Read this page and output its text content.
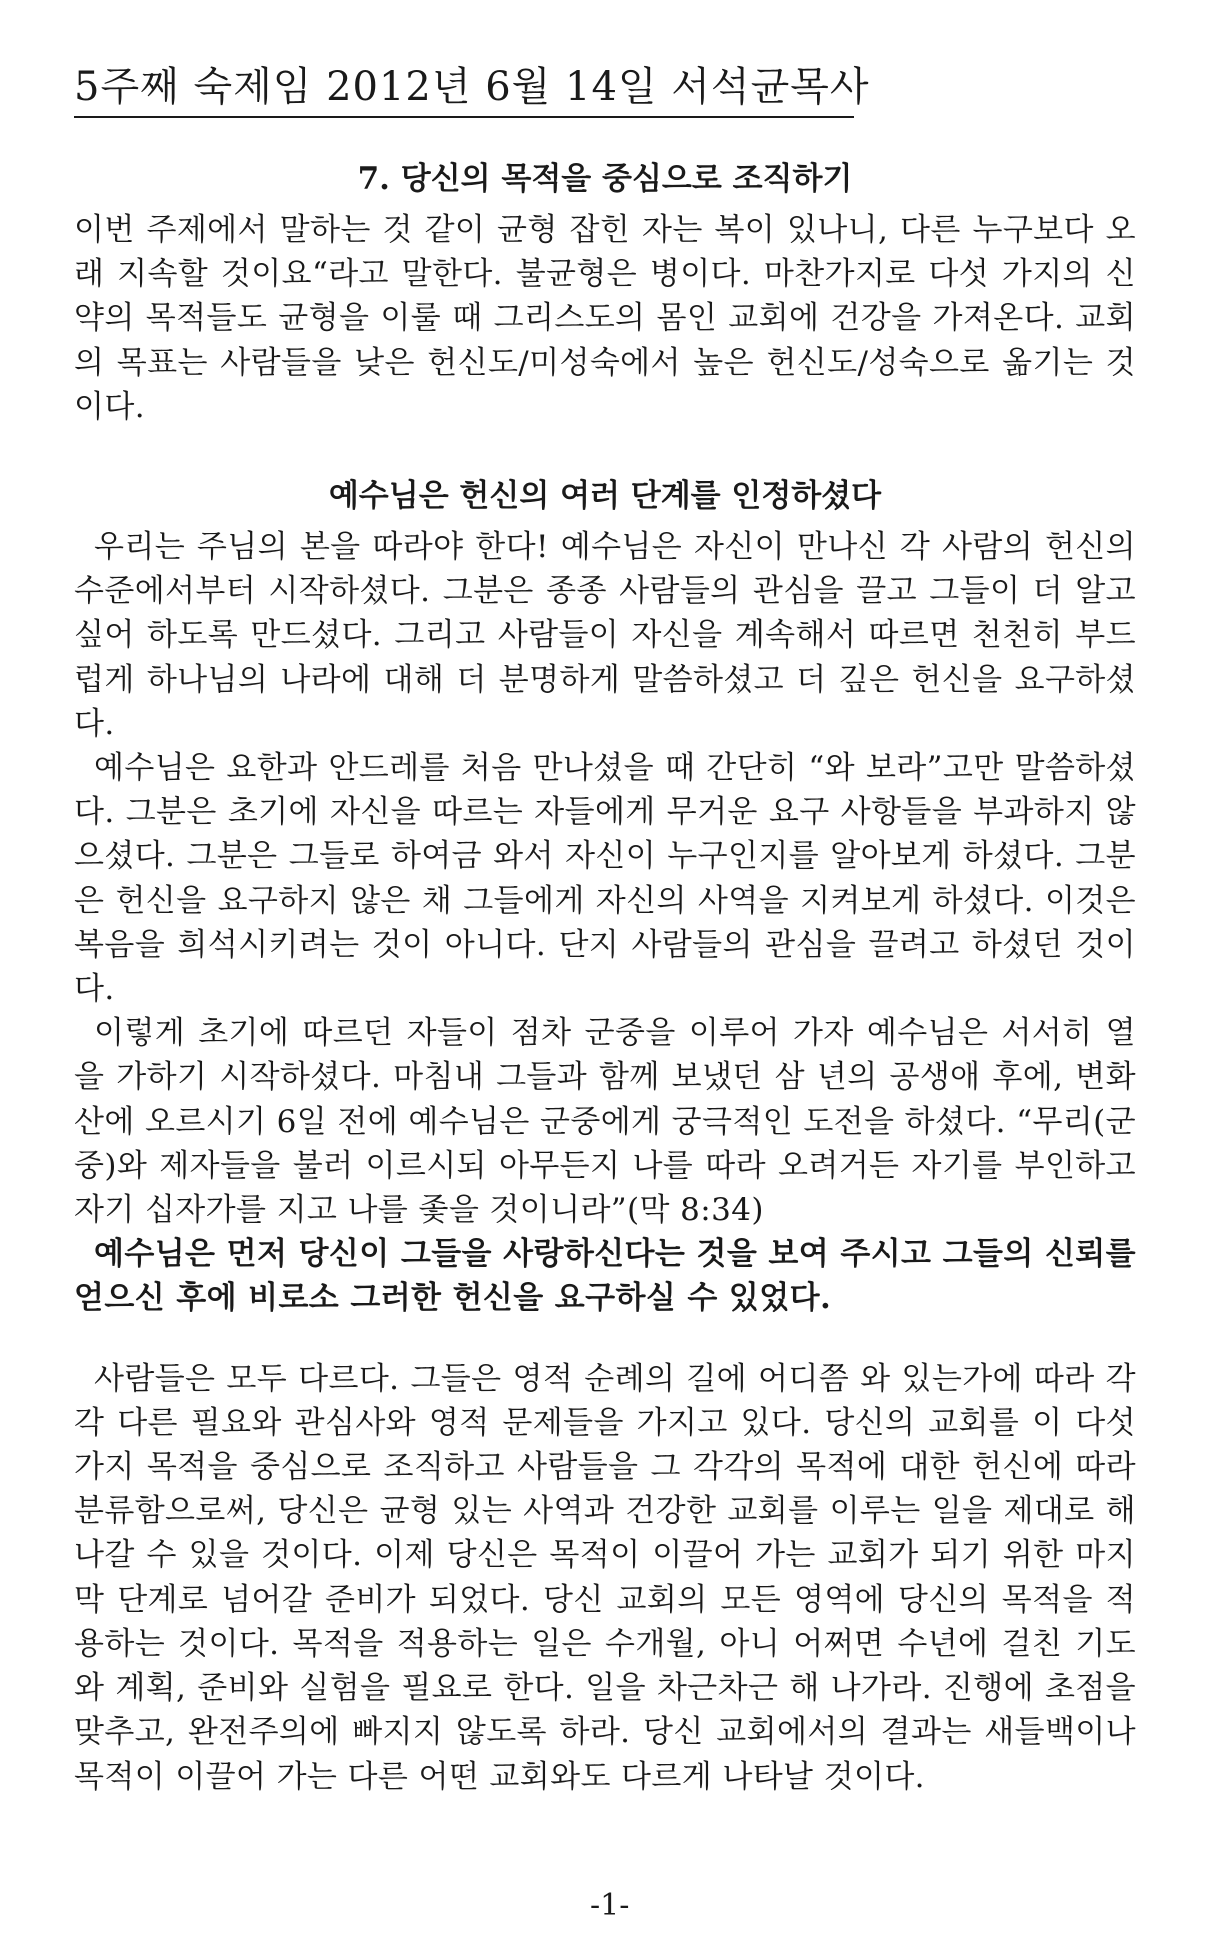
5주째 숙제임 2012년 6월 14일 서석균목사
7. 당신의 목적을 중심으로 조직하기

이번 주제에서 말하는 것 같이 균형 잡힌 자는 복이 있나니, 다른 누구보다 오래 지속할 것이요“라고 말한다. 불균형은 병이다. 마찬가지로 다섯 가지의 신약의 목적들도 균형을 이룰 때 그리스도의 몸인 교회에 건강을 가져온다. 교회의 목표는 사람들을 낮은 헌신도/미성숙에서 높은 헌신도/성숙으로 옮기는 것이다.

예수님은 헌신의 여러 단계를 인정하셨다

우리는 주님의 본을 따라야 한다! 예수님은 자신이 만나신 각 사람의 헌신의 수준에서부터 시작하셨다. 그분은 종종 사람들의 관심을 끌고 그들이 더 알고 싶어 하도록 만드셨다. 그리고 사람들이 자신을 계속해서 따르면 천천히 부드럽게 하나님의 나라에 대해 더 분명하게 말씀하셨고 더 깊은 헌신을 요구하셨다.

예수님은 요한과 안드레를 처음 만나셨을 때 간단히 “와 보라”고만 말씀하셨다. 그분은 초기에 자신을 따르는 자들에게 무거운 요구 사항들을 부과하지 않으셨다. 그분은 그들로 하여금 와서 자신이 누구인지를 알아보게 하셨다. 그분은 헌신을 요구하지 않은 채 그들에게 자신의 사역을 지켜보게 하셨다. 이것은 복음을 희석시키려는 것이 아니다. 단지 사람들의 관심을 끌려고 하셨던 것이다.

이렇게 초기에 따르던 자들이 점차 군중을 이루어 가자 예수님은 서서히 열을 가하기 시작하셨다. 마침내 그들과 함께 보냈던 삼 년의 공생애 후에, 변화산에 오르시기 6일 전에 예수님은 군중에게 궁극적인 도전을 하셨다. “무리(군중)와 제자들을 불러 이르시되 아무든지 나를 따라 오려거든 자기를 부인하고 자기 십자가를 지고 나를 좇을 것이니라”(막 8:34)

예수님은 먼저 당신이 그들을 사랑하신다는 것을 보여 주시고 그들의 신뢰를 얻으신 후에 비로소 그러한 헌신을 요구하실 수 있었다.

사람들은 모두 다르다. 그들은 영적 순례의 길에 어디쯤 와 있는가에 따라 각각 다른 필요와 관심사와 영적 문제들을 가지고 있다. 당신의 교회를 이 다섯 가지 목적을 중심으로 조직하고 사람들을 그 각각의 목적에 대한 헌신에 따라 분류함으로써, 당신은 균형 있는 사역과 건강한 교회를 이루는 일을 제대로 해 나갈 수 있을 것이다. 이제 당신은 목적이 이끌어 가는 교회가 되기 위한 마지막 단계로 넘어갈 준비가 되었다. 당신 교회의 모든 영역에 당신의 목적을 적용하는 것이다. 목적을 적용하는 일은 수개월, 아니 어쩌면 수년에 걸친 기도와 계획, 준비와 실험을 필요로 한다. 일을 차근차근 해 나가라. 진행에 초점을 맞추고, 완전주의에 빠지지 않도록 하라. 당신 교회에서의 결과는 새들백이나 목적이 이끌어 가는 다른 어떤 교회와도 다르게 나타날 것이다.

-1-
